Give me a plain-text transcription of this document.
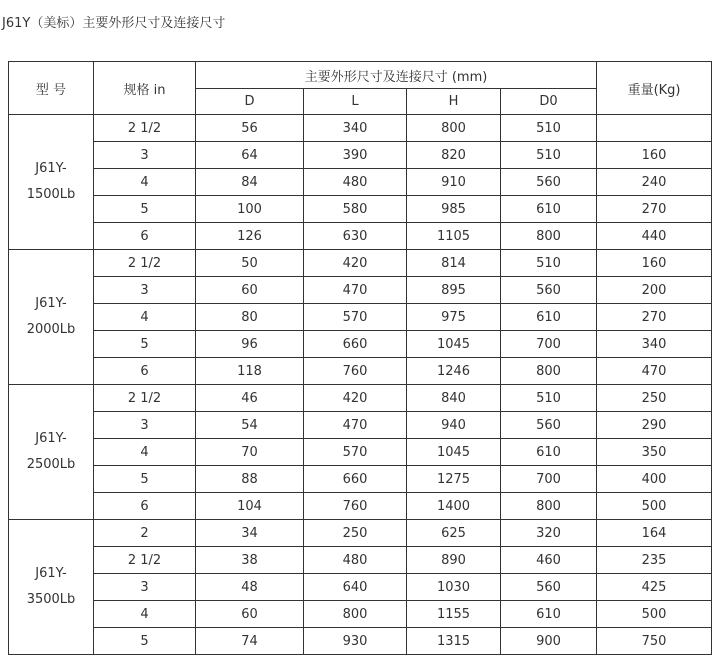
J61Y（美标）主要外形尺寸及连接尺寸
型 号	规格 in	主要外形尺寸及连接尺寸 (mm)				重量(Kg)
		D	L	H	D0	
J61Y-
1500Lb	2 1/2	56	340	800	510	
	3	64	390	820	510	160
	4	84	480	910	560	240
	5	100	580	985	610	270
	6	126	630	1105	800	440
J61Y-
2000Lb	2 1/2	50	420	814	510	160
	3	60	470	895	560	200
	4	80	570	975	610	270
	5	96	660	1045	700	340
	6	118	760	1246	800	470
J61Y-
2500Lb	2 1/2	46	420	840	510	250
	3	54	470	940	560	290
	4	70	570	1045	610	350
	5	88	660	1275	700	400
	6	104	760	1400	800	500
J61Y-
3500Lb	2	34	250	625	320	164
	2 1/2	38	480	890	460	235
	3	48	640	1030	560	425
	4	60	800	1155	610	500
	5	74	930	1315	900	750
